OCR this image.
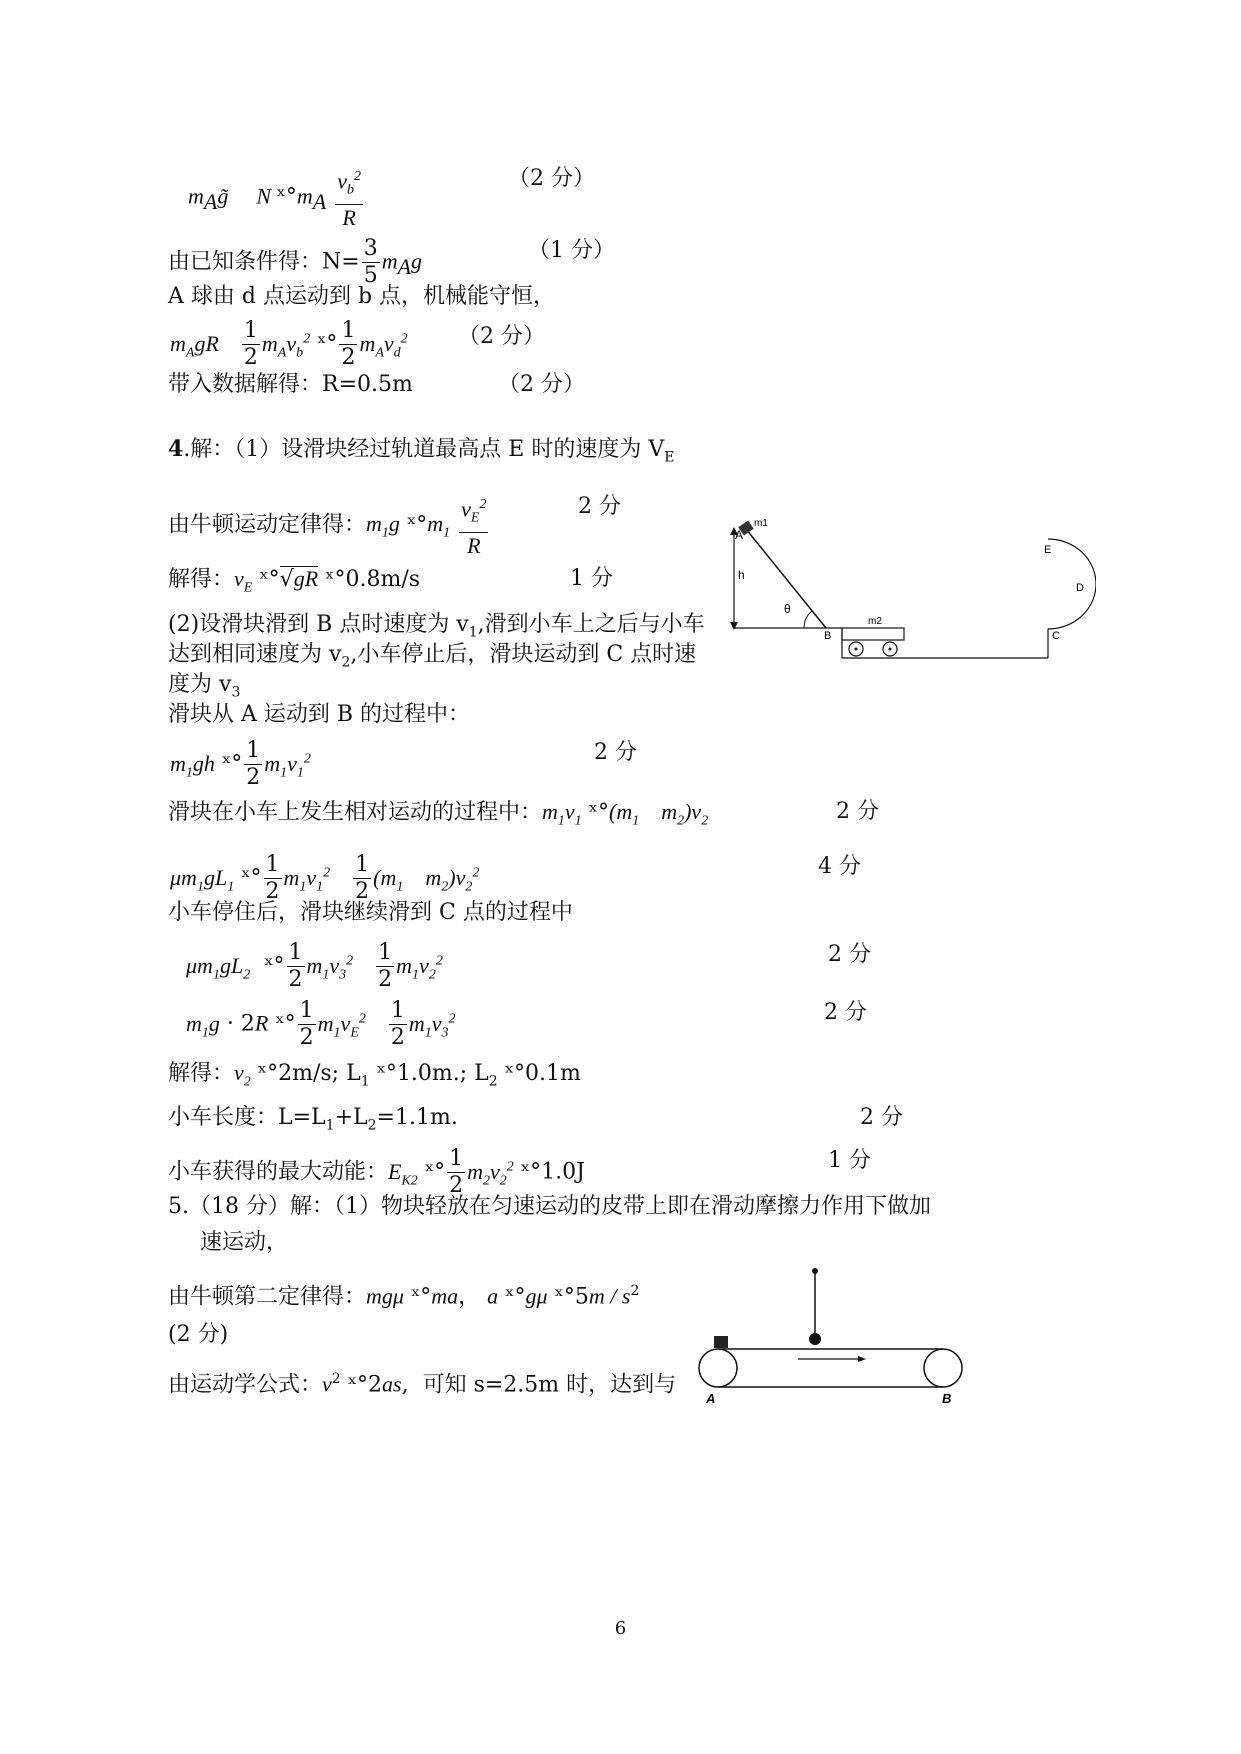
$m_Ag̃$ N $ˣ^\circ m_A \frac{v_b^2}{R}$	（2 分）
由已知条件得：$N= \frac{3}{5} m_Ag$	（1 分）
A 球由 d 点运动到 b 点，机械能守恒，
$m_AgR \frac{1}{2} m_Av_b^2$ ˣ° $\frac{1}{2} m_Av_d^2$ （2 分）
带入数据解得：R=0.5m	（2 分）
4.解：（1）设滑块经过轨道最高点 E 时的速度为 $V_E$
由牛顿运动定律得：$m_1g$ $ˣ^\circ m_1 \frac{v_E^2}{R}$	2 分
解得：$v_E$ ˣ°√gR ˣ°0.8m/s	1 分
(2)设滑块滑到 B 点时速度为 $v_1$,滑到小车上之后与小车
达到相同速度为 $v_2$,小车停止后，滑块运动到 C 点时速
度为 $v_3$
滑块从 A 运动到 B 的过程中：
$m_1gh$ ˣ° $\frac{1}{2} m_1v_1^2$	2 分
滑块在小车上发生相对运动的过程中：$m_1v_1$ $ˣ^\circ(m_1$    $m_2)v_2$	2 分
$\mu m_1gL_1$ ˣ° $\frac{1}{2} m_1v_1^2 \frac{1}{2} (m_1$    $m_2)v_2^2$	4 分
小车停住后，滑块继续滑到 C 点的过程中
$\mu m_1gL_2$ ˣ° $\frac{1}{2} m_1v_3^2 \frac{1}{2} m_1v_2^2$	2 分
$m_1g \cdot 2R$ ˣ° $\frac{1}{2} m_1v_E^2 \frac{1}{2} m_1v_3^2$	2 分
解得：$v_2$ ˣ°2m/s; $L_1$ ˣ°1.0m.; $L_2$ ˣ°0.1m
小车长度：$L=L_1+L_2=1.1m$.	2 分
小车获得的最大动能：$E_{K2}$ ˣ° $\frac{1}{2} m_2v_2^2$ ˣ°1.0J	1 分
5.（18 分）解：（1）物块轻放在匀速运动的皮带上即在滑动摩擦力作用下做加
速运动，
由牛顿第二定律得：mgμ ˣ°ma， a ˣ°gμ ˣ°5m / $s^2$
(2 分)
由运动学公式：$v^2$ ˣ°2as,  可知 s=2.5m 时，达到与
h
A
m1
θ
B
m2
E
D
C
A	B
6
